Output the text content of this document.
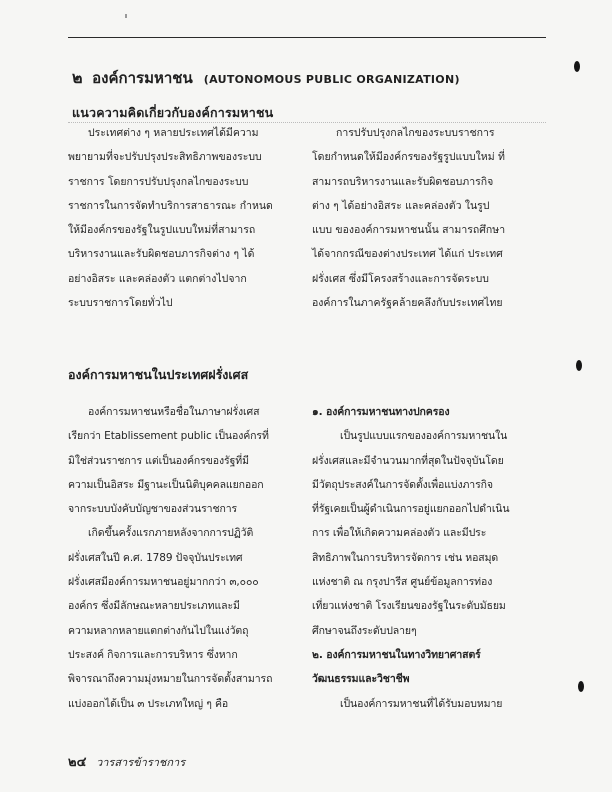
๒ องค์การมหาชน (AUTONOMOUS PUBLIC ORGANIZATION)
แนวความคิดเกี่ยวกับองค์การมหาชน

ประเทศต่าง ๆ หลายประเทศได้มีความ

พยายามที่จะปรับปรุงประสิทธิภาพของระบบ

ราชการ โดยการปรับปรุงกลไกของระบบ

ราชการในการจัดทำบริการสาธารณะ กำหนด

ให้มีองค์กรของรัฐในรูปแบบใหม่ที่สามารถ

บริหารงานและรับผิดชอบภารกิจต่าง ๆ ได้

อย่างอิสระ และคล่องตัว แตกต่างไปจาก

ระบบราชการโดยทั่วไป

การปรับปรุงกลไกของระบบราชการ

โดยกำหนดให้มีองค์กรของรัฐรูปแบบใหม่ ที่

สามารถบริหารงานและรับผิดชอบภารกิจ

ต่าง ๆ ได้อย่างอิสระ และคล่องตัว ในรูป

แบบ ขององค์การมหาชนนั้น สามารถศึกษา

ได้จากกรณีของต่างประเทศ ได้แก่ ประเทศ

ฝรั่งเศส ซึ่งมีโครงสร้างและการจัดระบบ

องค์การในภาครัฐคล้ายคลึงกับประเทศไทย

องค์การมหาชนในประเทศฝรั่งเศส

องค์การมหาชนหรือชื่อในภาษาฝรั่งเศส

เรียกว่า Etablissement public เป็นองค์กรที่

มิใช่ส่วนราชการ แต่เป็นองค์กรของรัฐที่มี

ความเป็นอิสระ มีฐานะเป็นนิติบุคคลแยกออก

จากระบบบังคับบัญชาของส่วนราชการ

เกิดขึ้นครั้งแรกภายหลังจากการปฏิวัติ

ฝรั่งเศสในปี ค.ศ. 1789 ปัจจุบันประเทศ

ฝรั่งเศสมีองค์การมหาชนอยู่มากกว่า ๓,๐๐๐

องค์กร ซึ่งมีลักษณะหลายประเภทและมี

ความหลากหลายแตกต่างกันไปในแง่วัตถุ

ประสงค์ กิจการและการบริหาร ซึ่งหาก

พิจารณาถึงความมุ่งหมายในการจัดตั้งสามารถ

แบ่งออกได้เป็น ๓ ประเภทใหญ่ ๆ คือ

๑. องค์การมหาชนทางปกครอง

เป็นรูปแบบแรกขององค์การมหาชนใน

ฝรั่งเศสและมีจำนวนมากที่สุดในปัจจุบันโดย

มีวัตถุประสงค์ในการจัดตั้งเพื่อแบ่งภารกิจ

ที่รัฐเคยเป็นผู้ดำเนินการอยู่แยกออกไปดำเนิน

การ เพื่อให้เกิดความคล่องตัว และมีประ

สิทธิภาพในการบริหารจัดการ เช่น หอสมุด

แห่งชาติ ณ กรุงปารีส ศูนย์ข้อมูลการท่อง

เที่ยวแห่งชาติ โรงเรียนของรัฐในระดับมัธยม

ศึกษาจนถึงระดับปลายๆ

๒. องค์การมหาชนในทางวิทยาศาสตร์

วัฒนธรรมและวิชาชีพ

เป็นองค์การมหาชนที่ได้รับมอบหมาย

๒๔ วารสารข้าราชการ
